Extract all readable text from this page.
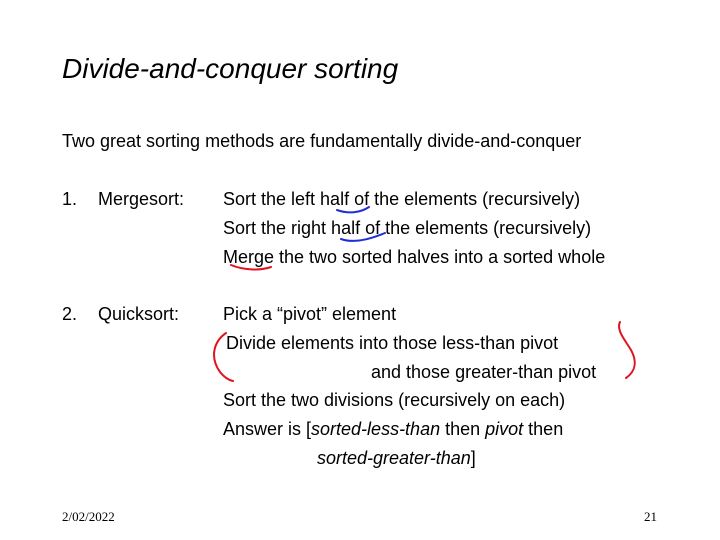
Divide-and-conquer sorting
Two great sorting methods are fundamentally divide-and-conquer
1. Mergesort: Sort the left half of the elements (recursively)
Sort the right half of the elements (recursively)
Merge the two sorted halves into a sorted whole
2. Quicksort: Pick a “pivot” element
Divide elements into those less-than pivot
and those greater-than pivot
Sort the two divisions (recursively on each)
Answer is [sorted-less-than then pivot then
sorted-greater-than]
2/02/2022	21
